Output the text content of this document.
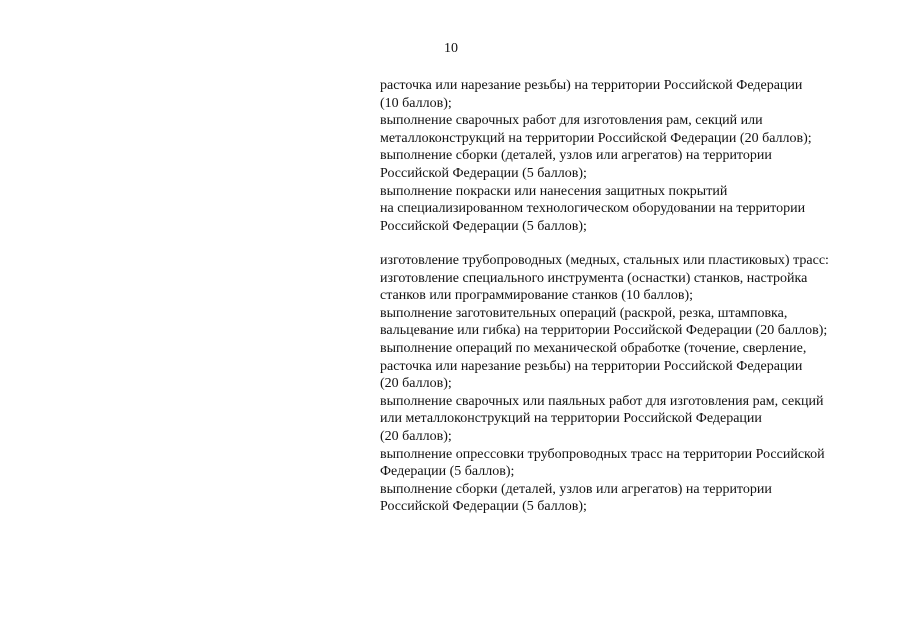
10
расточка или нарезание резьбы) на территории Российской Федерации
(10 баллов);
выполнение сварочных работ для изготовления рам, секций или
металлоконструкций на территории Российской Федерации (20 баллов);
выполнение сборки (деталей, узлов или агрегатов) на территории
Российской Федерации (5 баллов);
выполнение покраски или нанесения защитных покрытий
на специализированном технологическом оборудовании на территории
Российской Федерации (5 баллов);
изготовление трубопроводных (медных, стальных или пластиковых) трасс:
изготовление специального инструмента (оснастки) станков, настройка
станков или программирование станков (10 баллов);
выполнение заготовительных операций (раскрой, резка, штамповка,
вальцевание или гибка) на территории Российской Федерации (20 баллов);
выполнение операций по механической обработке (точение, сверление,
расточка или нарезание резьбы) на территории Российской Федерации
(20 баллов);
выполнение сварочных или паяльных работ для изготовления рам, секций
или металлоконструкций на территории Российской Федерации
(20 баллов);
выполнение опрессовки трубопроводных трасс на территории Российской
Федерации (5 баллов);
выполнение сборки (деталей, узлов или агрегатов) на территории
Российской Федерации (5 баллов);
